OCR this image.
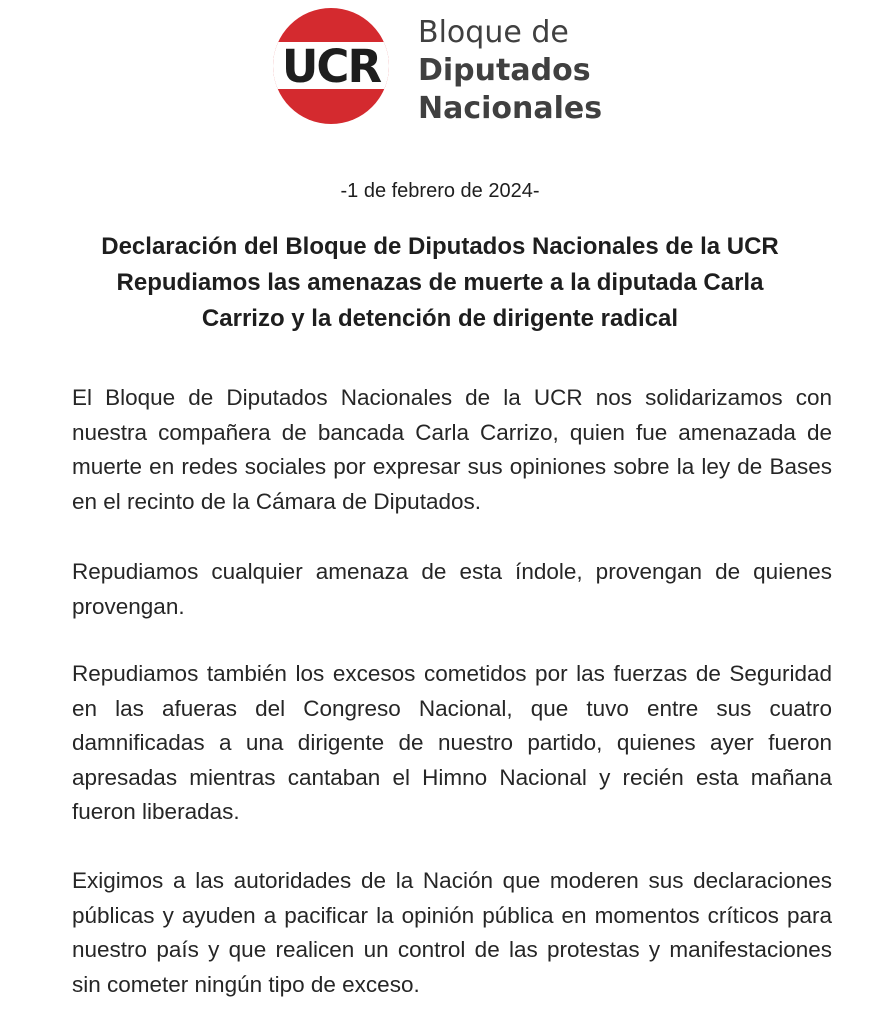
UCR
Bloque de
Diputados
Nacionales
-1 de febrero de 2024-
Declaración del Bloque de Diputados Nacionales de la UCR
Repudiamos las amenazas de muerte a la diputada Carla
Carrizo y la detención de dirigente radical

El Bloque de Diputados Nacionales de la UCR nos solidarizamos con nuestra compañera de bancada Carla Carrizo, quien fue amenazada de muerte en redes sociales por expresar sus opiniones sobre la ley de Bases en el recinto de la Cámara de Diputados.

Repudiamos cualquier amenaza de esta índole, provengan de quienes provengan.

Repudiamos también los excesos cometidos por las fuerzas de Seguridad en las afueras del Congreso Nacional, que tuvo entre sus cuatro damnificadas a una dirigente de nuestro partido, quienes ayer fueron apresadas mientras cantaban el Himno Nacional y recién esta mañana fueron liberadas.

Exigimos a las autoridades de la Nación que moderen sus declaraciones públicas y ayuden a pacificar la opinión pública en momentos críticos para nuestro país y que realicen un control de las protestas y manifestaciones sin cometer ningún tipo de exceso.
